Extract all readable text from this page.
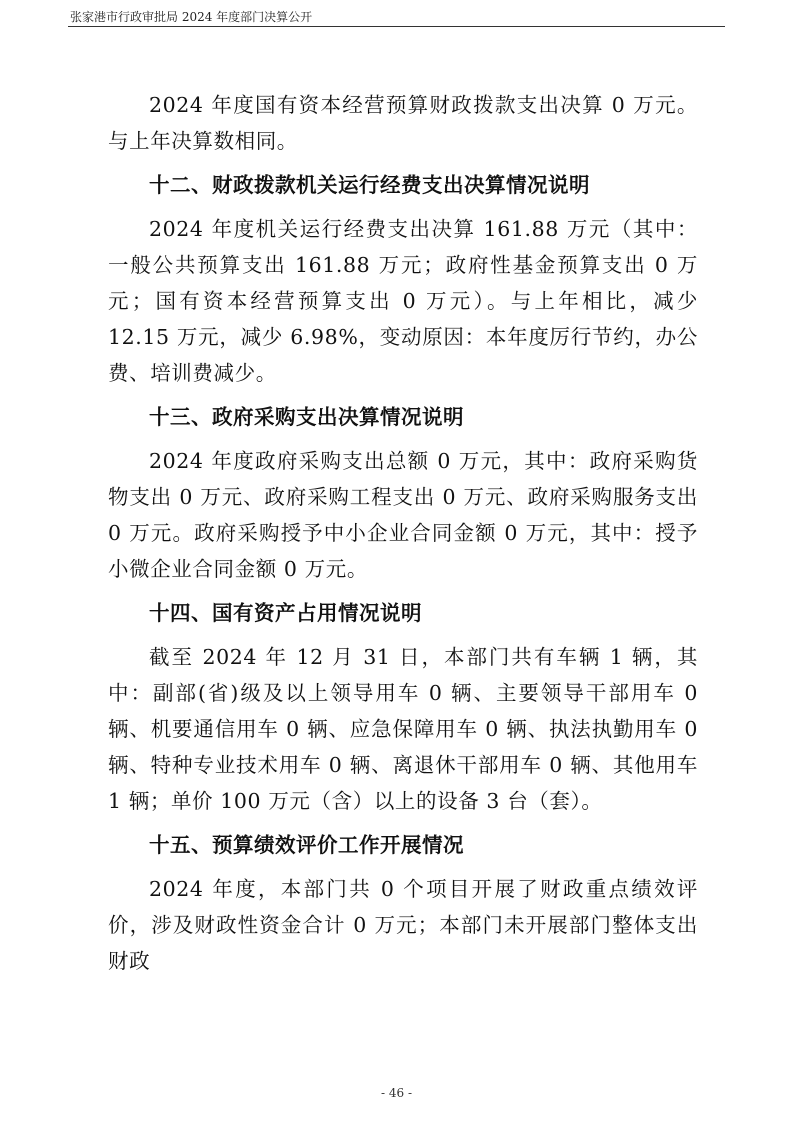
张家港市行政审批局 2024 年度部门决算公开

2024 年度国有资本经营预算财政拨款支出决算 0 万元。与上年决算数相同。

十二、财政拨款机关运行经费支出决算情况说明

2024 年度机关运行经费支出决算 161.88 万元（其中：一般公共预算支出 161.88 万元；政府性基金预算支出 0 万元；国有资本经营预算支出 0 万元）。与上年相比，减少 12.15 万元，减少 6.98%，变动原因：本年度厉行节约，办公费、培训费减少。

十三、政府采购支出决算情况说明

2024 年度政府采购支出总额 0 万元，其中：政府采购货物支出 0 万元、政府采购工程支出 0 万元、政府采购服务支出 0 万元。政府采购授予中小企业合同金额 0 万元，其中：授予小微企业合同金额 0 万元。

十四、国有资产占用情况说明

截至 2024 年 12 月 31 日，本部门共有车辆 1 辆，其中：副部(省)级及以上领导用车 0 辆、主要领导干部用车 0 辆、机要通信用车 0 辆、应急保障用车 0 辆、执法执勤用车 0 辆、特种专业技术用车 0 辆、离退休干部用车 0 辆、其他用车 1 辆；单价 100 万元（含）以上的设备 3 台（套）。

十五、预算绩效评价工作开展情况

2024 年度，本部门共 0 个项目开展了财政重点绩效评价，涉及财政性资金合计 0 万元；本部门未开展部门整体支出财政

- 46 -
